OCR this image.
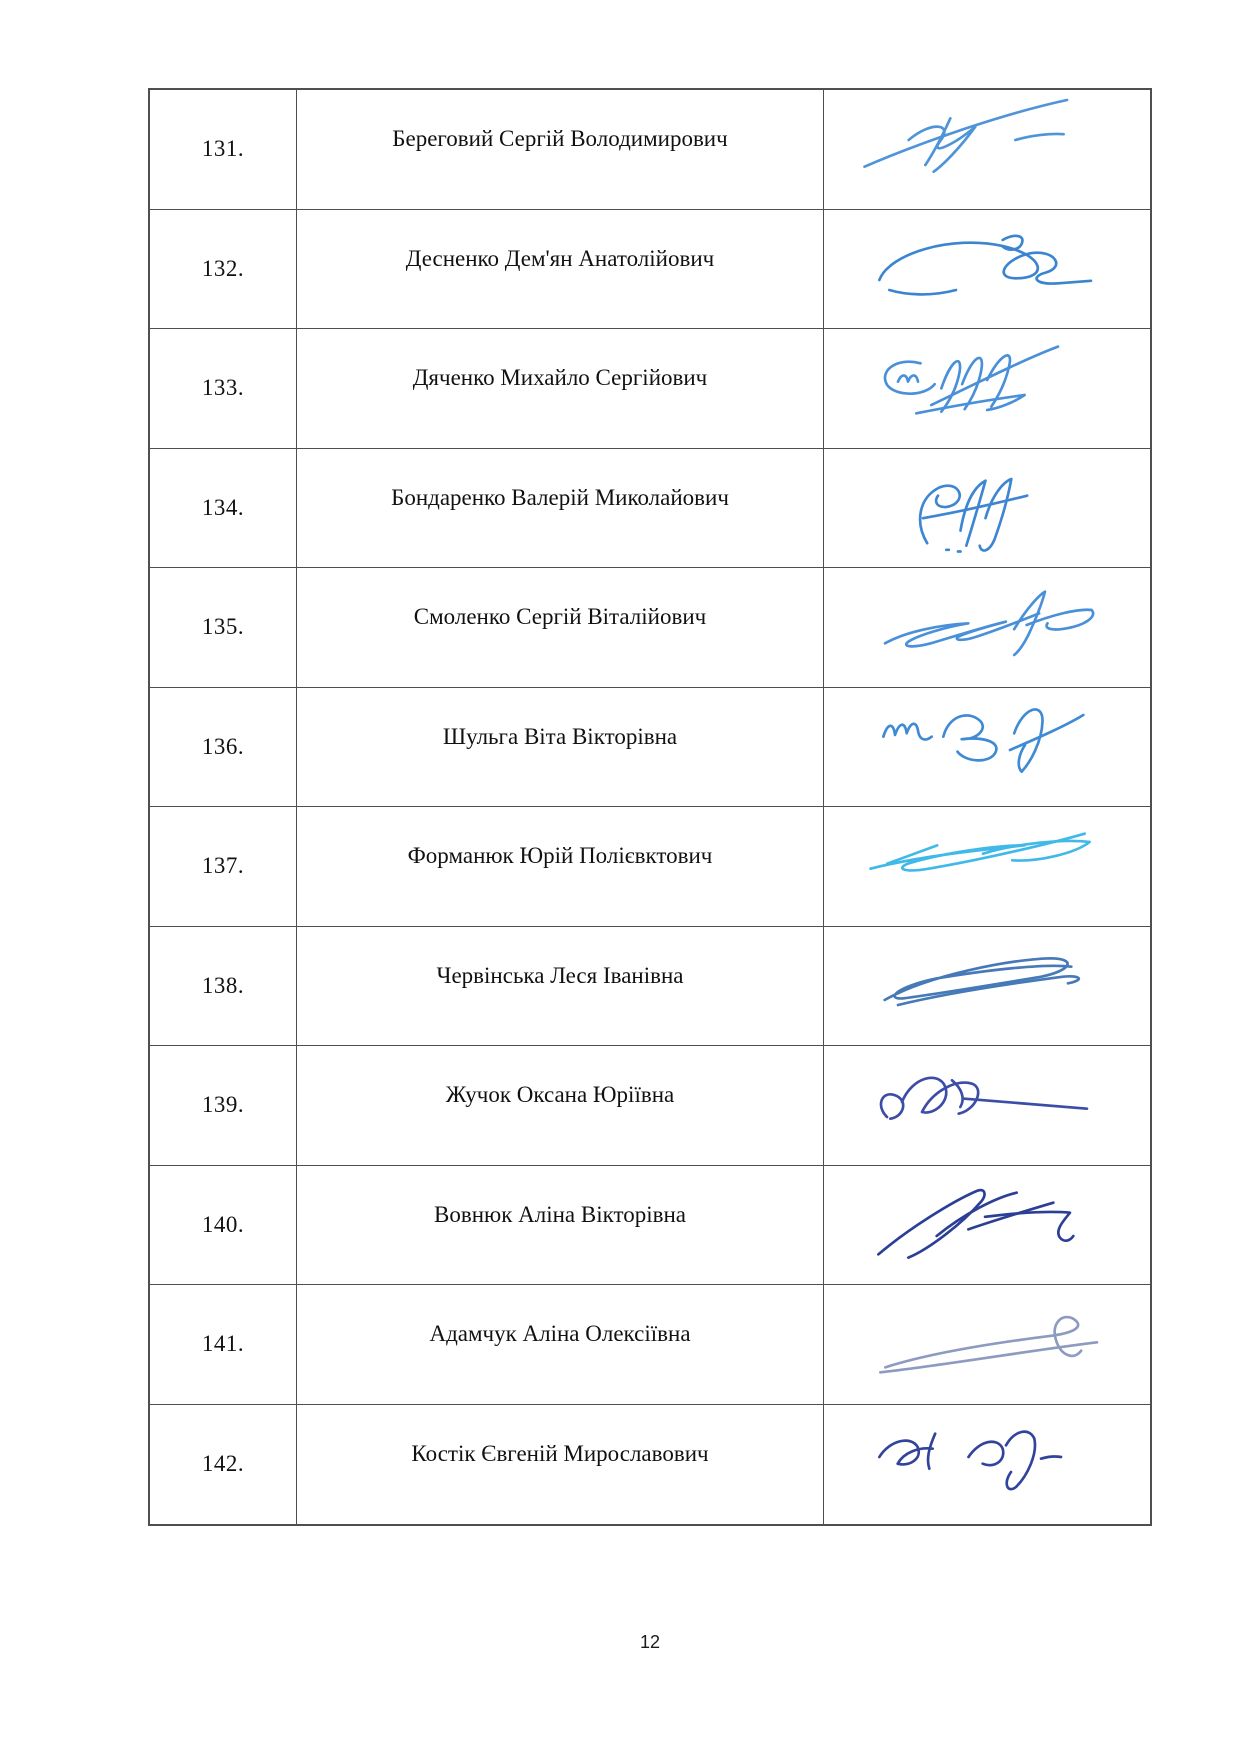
131.	Береговий Сергій Володимирович
132.	Десненко Дем'ян Анатолійович
133.	Дяченко Михайло Сергійович
134.	Бондаренко Валерій Миколайович
135.	Смоленко Сергій Віталійович
136.	Шульга Віта Вікторівна
137.	Форманюк Юрій Полієвктович
138.	Червінська Леся Іванівна
139.	Жучок Оксана Юріївна
140.	Вовнюк Аліна Вікторівна
141.	Адамчук Аліна Олексіївна
142.	Костік Євгеній Мирославович
12
